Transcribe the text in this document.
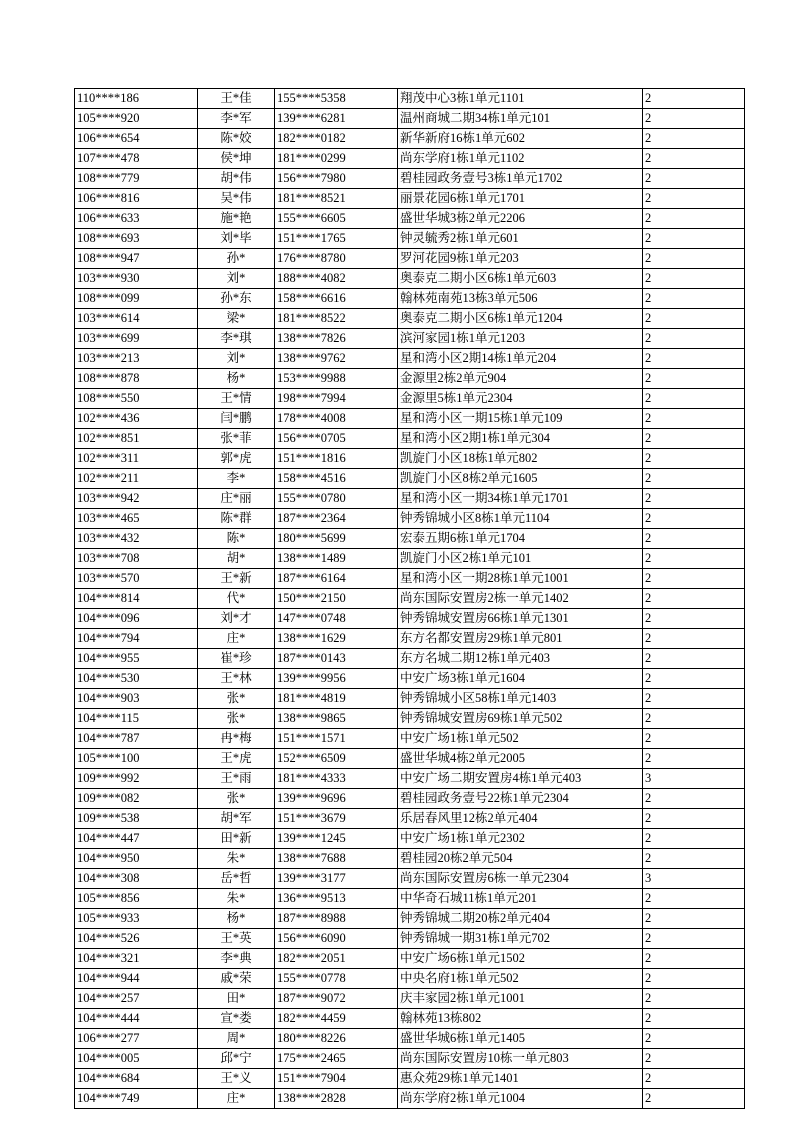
110****186	王*佳	155****5358	翔茂中心3栋1单元1101	2
105****920	李*军	139****6281	温州商城二期34栋1单元101	2
106****654	陈*姣	182****0182	新华新府16栋1单元602	2
107****478	侯*坤	181****0299	尚东学府1栋1单元1102	2
108****779	胡*伟	156****7980	碧桂园政务壹号3栋1单元1702	2
106****816	吴*伟	181****8521	丽景花园6栋1单元1701	2
106****633	施*艳	155****6605	盛世华城3栋2单元2206	2
108****693	刘*毕	151****1765	钟灵毓秀2栋1单元601	2
108****947	孙*	176****8780	罗河花园9栋1单元203	2
103****930	刘*	188****4082	奥泰克二期小区6栋1单元603	2
108****099	孙*东	158****6616	翰林苑南苑13栋3单元506	2
103****614	梁*	181****8522	奥泰克二期小区6栋1单元1204	2
103****699	李*琪	138****7826	滨河家园1栋1单元1203	2
103****213	刘*	138****9762	星和湾小区2期14栋1单元204	2
108****878	杨*	153****9988	金源里2栋2单元904	2
108****550	王*情	198****7994	金源里5栋1单元2304	2
102****436	闫*鹏	178****4008	星和湾小区一期15栋1单元109	2
102****851	张*菲	156****0705	星和湾小区2期1栋1单元304	2
102****311	郭*虎	151****1816	凯旋门小区18栋1单元802	2
102****211	李*	158****4516	凯旋门小区8栋2单元1605	2
103****942	庄*丽	155****0780	星和湾小区一期34栋1单元1701	2
103****465	陈*群	187****2364	钟秀锦城小区8栋1单元1104	2
103****432	陈*	180****5699	宏泰五期6栋1单元1704	2
103****708	胡*	138****1489	凯旋门小区2栋1单元101	2
103****570	王*新	187****6164	星和湾小区一期28栋1单元1001	2
104****814	代*	150****2150	尚东国际安置房2栋一单元1402	2
104****096	刘*才	147****0748	钟秀锦城安置房66栋1单元1301	2
104****794	庄*	138****1629	东方名都安置房29栋1单元801	2
104****955	崔*珍	187****0143	东方名城二期12栋1单元403	2
104****530	王*林	139****9956	中安广场3栋1单元1604	2
104****903	张*	181****4819	钟秀锦城小区58栋1单元1403	2
104****115	张*	138****9865	钟秀锦城安置房69栋1单元502	2
104****787	冉*梅	151****1571	中安广场1栋1单元502	2
105****100	王*虎	152****6509	盛世华城4栋2单元2005	2
109****992	王*雨	181****4333	中安广场二期安置房4栋1单元403	3
109****082	张*	139****9696	碧桂园政务壹号22栋1单元2304	2
109****538	胡*军	151****3679	乐居春风里12栋2单元404	2
104****447	田*新	139****1245	中安广场1栋1单元2302	2
104****950	朱*	138****7688	碧桂园20栋2单元504	2
104****308	岳*哲	139****3177	尚东国际安置房6栋一单元2304	3
105****856	朱*	136****9513	中华奇石城11栋1单元201	2
105****933	杨*	187****8988	钟秀锦城二期20栋2单元404	2
104****526	王*英	156****6090	钟秀锦城一期31栋1单元702	2
104****321	李*典	182****2051	中安广场6栋1单元1502	2
104****944	戚*荣	155****0778	中央名府1栋1单元502	2
104****257	田*	187****9072	庆丰家园2栋1单元1001	2
104****444	宣*娄	182****4459	翰林苑13栋802	2
106****277	周*	180****8226	盛世华城6栋1单元1405	2
104****005	邱*宁	175****2465	尚东国际安置房10栋一单元803	2
104****684	王*义	151****7904	惠众苑29栋1单元1401	2
104****749	庄*	138****2828	尚东学府2栋1单元1004	2
